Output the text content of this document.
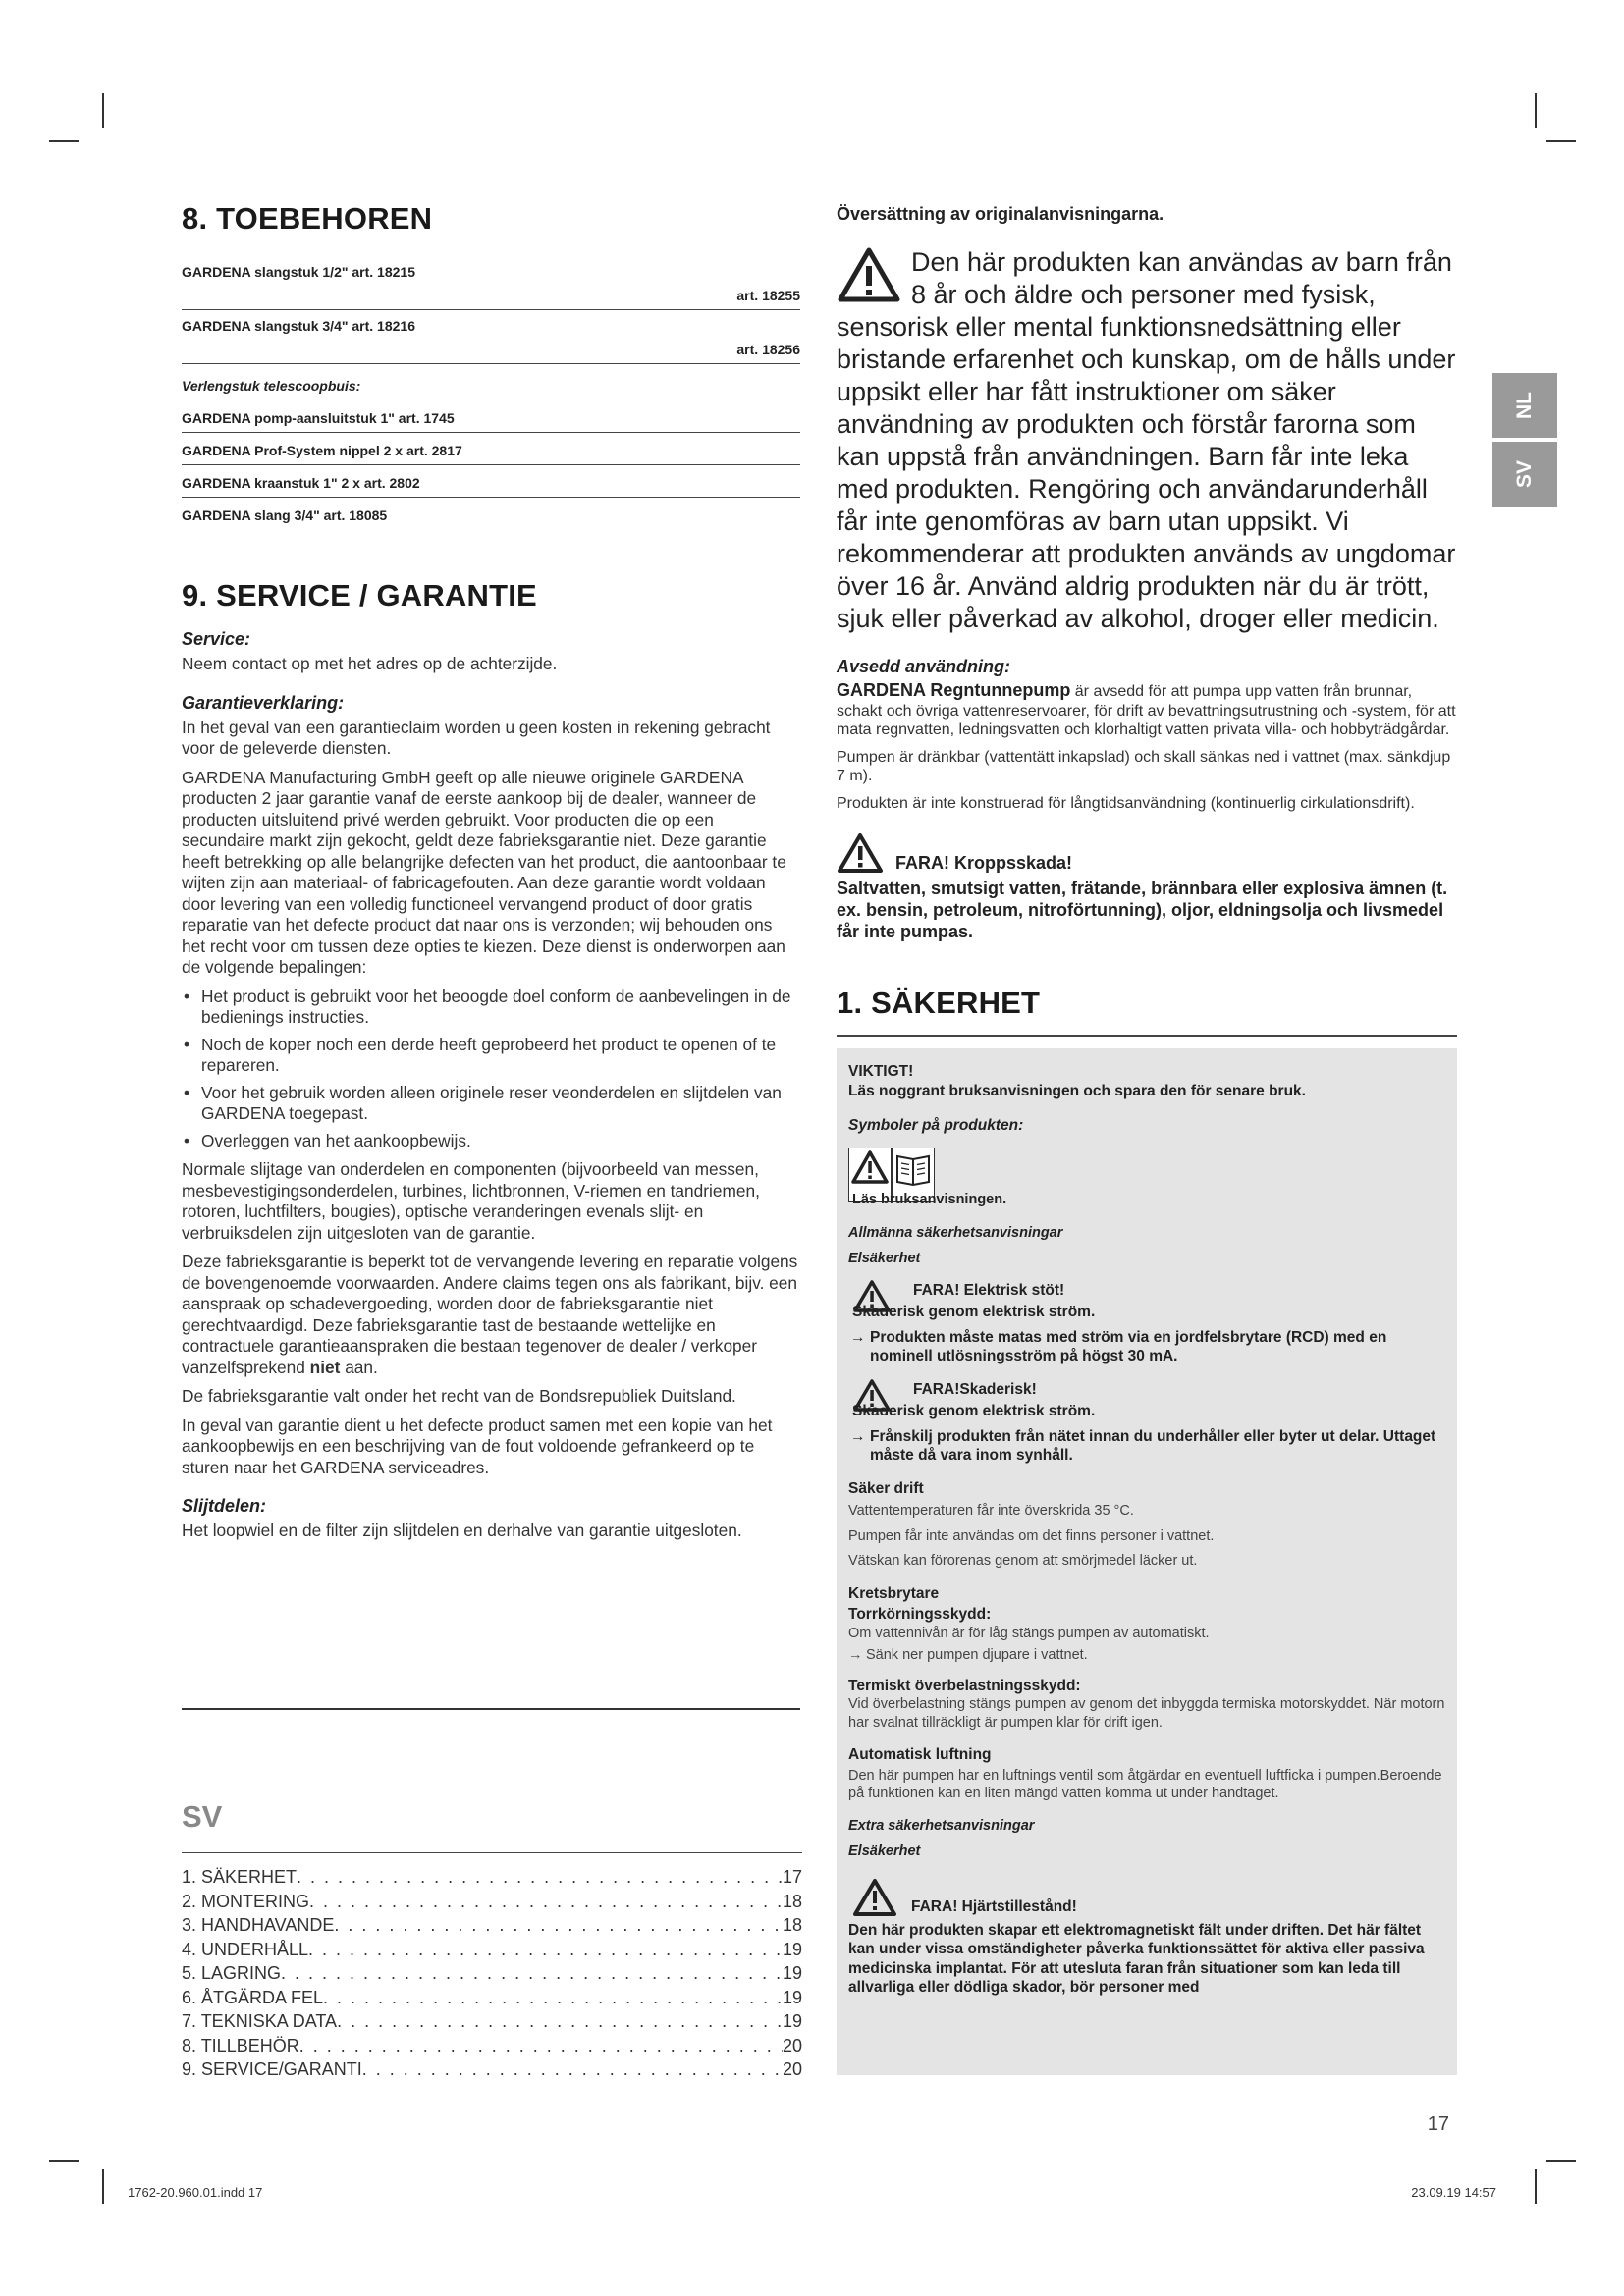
8. TOEBEHOREN
GARDENA slangstuk 1/2" art. 18215
art. 18255
GARDENA slangstuk 3/4" art. 18216
art. 18256
Verlengstuk telescoopbuis:
GARDENA pomp-aansluitstuk 1" art. 1745
GARDENA Prof-System nippel 2 x art. 2817
GARDENA kraanstuk 1" 2 x art. 2802
GARDENA slang 3/4" art. 18085
9. SERVICE / GARANTIE
Service:

Neem contact op met het adres op de achterzijde.

Garantieverklaring:

In het geval van een garantieclaim worden u geen kosten in rekening gebracht voor de geleverde diensten.

GARDENA Manufacturing GmbH geeft op alle nieuwe originele GARDENA producten 2 jaar garantie vanaf de eerste aankoop bij de dealer, wanneer de producten uitsluitend privé werden gebruikt. Voor producten die op een secundaire markt zijn gekocht, geldt deze fabrieksgarantie niet. Deze garantie heeft betrekking op alle belangrijke defecten van het product, die aantoonbaar te wijten zijn aan materiaal- of fabricagefouten. Aan deze garantie wordt voldaan door levering van een volledig functioneel vervangend product of door gratis reparatie van het defecte product dat naar ons is verzonden; wij behouden ons het recht voor om tussen deze opties te kiezen. Deze dienst is onderworpen aan de volgende bepalingen:

• Het product is gebruikt voor het beoogde doel conform de aanbevelingen in de bedienings instructies.
• Noch de koper noch een derde heeft geprobeerd het product te openen of te repareren.
• Voor het gebruik worden alleen originele reser veonderdelen en slijtdelen van GARDENA toegepast.
• Overleggen van het aankoopbewijs.

Normale slijtage van onderdelen en componenten (bijvoorbeeld van messen, mesbevestigingsonderdelen, turbines, lichtbronnen, V-riemen en tandriemen, rotoren, luchtfilters, bougies), optische veranderingen evenals slijt- en verbruiksdelen zijn uitgesloten van de garantie.

Deze fabrieksgarantie is beperkt tot de vervangende levering en reparatie volgens de bovengenoemde voorwaarden. Andere claims tegen ons als fabrikant, bijv. een aanspraak op schadevergoeding, worden door de fabrieksgarantie niet gerechtvaardigd. Deze fabrieksgarantie tast de bestaande wettelijke en contractuele garantieaanspraken die bestaan tegenover de dealer / verkoper vanzelfsprekend niet aan.

De fabrieksgarantie valt onder het recht van de Bondsrepubliek Duitsland.

In geval van garantie dient u het defecte product samen met een kopie van het aankoopbewijs en een beschrijving van de fout voldoende gefrankeerd op te sturen naar het GARDENA serviceadres.

Slijtdelen:

Het loopwiel en de filter zijn slijtdelen en derhalve van garantie uitgesloten.

SV
1. SÄKERHET . . .	17
2. MONTERING . . .	18
3. HANDHAVANDE . . .	18
4. UNDERHÅLL . . .	19
5. LAGRING . . .	19
6. ÅTGÄRDA FEL . . .	19
7. TEKNISKA DATA . . .	19
8. TILLBEHÖR . . .	20
9. SERVICE/GARANTI . . .	20
Översättning av originalanvisningarna.
Den här produkten kan användas av barn från 8 år och äldre och personer med fysisk, sensorisk eller mental funktionsnedsättning eller bristande erfarenhet och kunskap, om de hålls under uppsikt eller har fått instruktioner om säker användning av produkten och förstår farorna som kan uppstå från användningen. Barn får inte leka med produkten. Rengöring och användarunderhåll får inte genomföras av barn utan uppsikt. Vi rekommenderar att produkten används av ungdomar över 16 år. Använd aldrig produkten när du är trött, sjuk eller påverkad av alkohol, droger eller medicin.
Avsedd användning:

GARDENA Regntunnepump är avsedd för att pumpa upp vatten från brunnar, schakt och övriga vattenreservoarer, för drift av bevattningsutrustning och -system, för att mata regnvatten, ledningsvatten och klorhaltigt vatten privata villa- och hobbyträdgårdar.

Pumpen är dränkbar (vattentätt inkapslad) och skall sänkas ned i vattnet (max. sänkdjup 7 m).

Produkten är inte konstruerad för långtidsanvändning (kontinuerlig cirkulationsdrift).

FARA! Kroppsskada!
Saltvatten, smutsigt vatten, frätande, brännbara eller explosiva ämnen (t. ex. bensin, petroleum, nitroförtunning), oljor, eldningsolja och livsmedel får inte pumpas.
1. SÄKERHET
VIKTIGT!
Läs noggrant bruksanvisningen och spara den för senare bruk.
Symboler på produkten:
Läs bruksanvisningen.
Allmänna säkerhetsanvisningar
Elsäkerhet
FARA! Elektrisk stöt!
Skaderisk genom elektrisk ström.
→ Produkten måste matas med ström via en jordfelsbrytare (RCD) med en nominell utlösningsström på högst 30 mA.
FARA!Skaderisk!
Skaderisk genom elektrisk ström.
→ Frånskilj produkten från nätet innan du underhåller eller byter ut delar. Uttaget måste då vara inom synhåll.
Säker drift
Vattentemperaturen får inte överskrida 35 °C.
Pumpen får inte användas om det finns personer i vattnet.
Vätskan kan förorenas genom att smörjmedel läcker ut.
Kretsbrytare
Torrkörningsskydd:
Om vattennivån är för låg stängs pumpen av automatiskt.
→ Sänk ner pumpen djupare i vattnet.
Termiskt överbelastningsskydd:
Vid överbelastning stängs pumpen av genom det inbyggda termiska motorskyddet. När motorn har svalnat tillräckligt är pumpen klar för drift igen.
Automatisk luftning
Den här pumpen har en luftnings ventil som åtgärdar en eventuell luftficka i pumpen.Beroende på funktionen kan en liten mängd vatten komma ut under handtaget.
Extra säkerhetsanvisningar
Elsäkerhet
FARA! Hjärtstillestånd!
Den här produkten skapar ett elektromagnetiskt fält under driften. Det här fältet kan under vissa omständigheter påverka funktionssättet för aktiva eller passiva medicinska implantat. För att utesluta faran från situationer som kan leda till allvarliga eller dödliga skador, bör personer med
NL
SV
17
1762-20.960.01.indd 17	23.09.19 14:57
